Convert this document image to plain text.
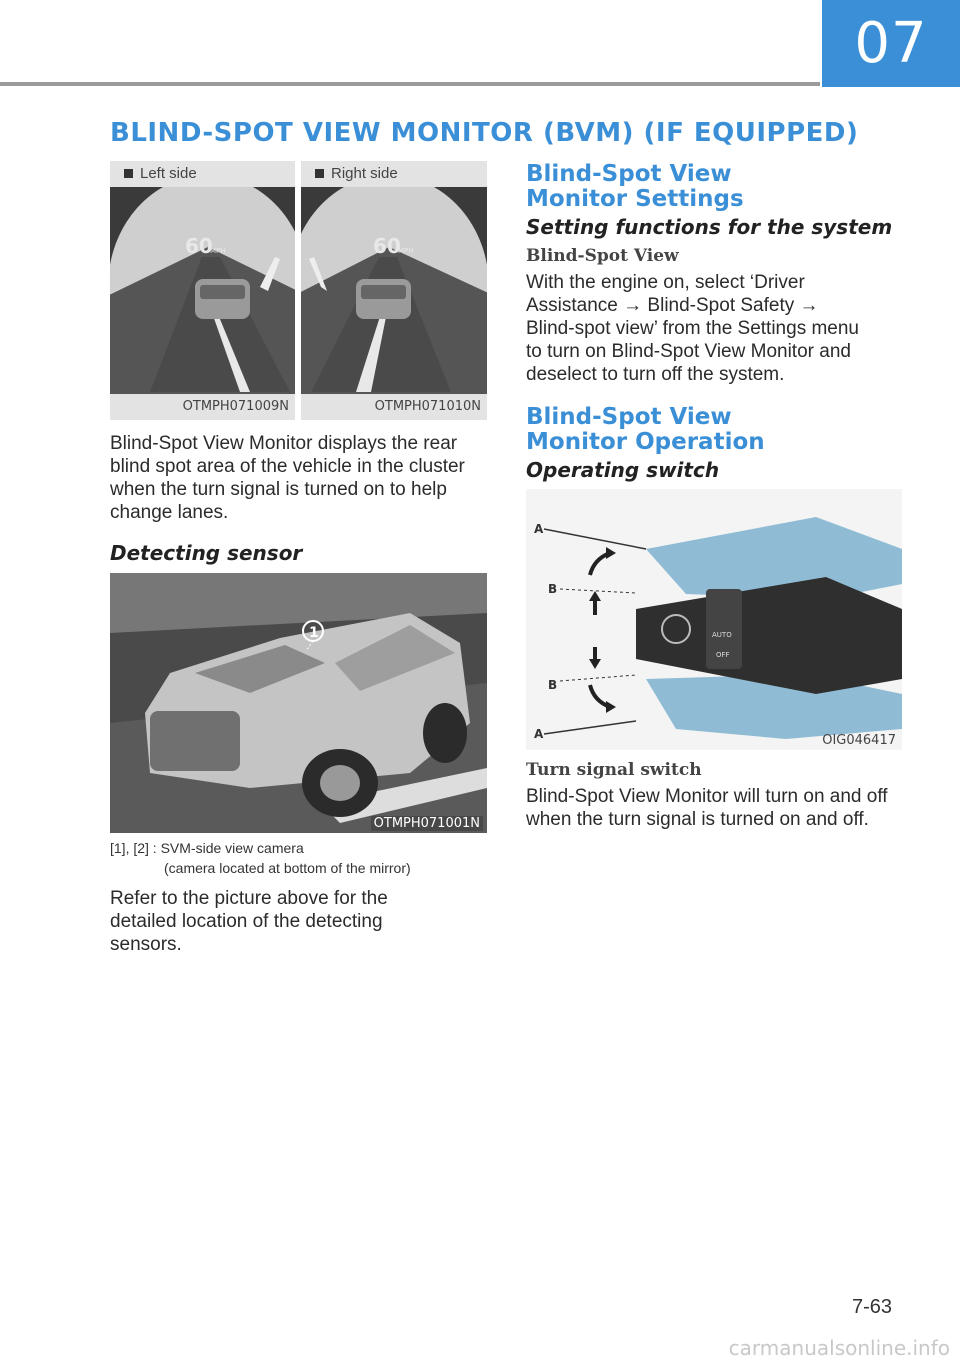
07
BLIND-SPOT VIEW MONITOR (BVM) (IF EQUIPPED)
Left side
60
MPH
OTMPH071009N
Right side
60
MPH
OTMPH071010N
Blind-Spot View Monitor displays the rear blind spot area of the vehicle in the cluster when the turn signal is turned on to help change lanes.
Detecting sensor
1
OTMPH071001N
[1], [2] : SVM-side view camera
(camera located at bottom of the mirror)
Refer to the picture above for the detailed location of the detecting sensors.
Blind-Spot View Monitor Settings
Setting functions for the system
Blind-Spot View
With the engine on, select ‘Driver Assistance → Blind-Spot Safety → Blind-spot view’ from the Settings menu to turn on Blind-Spot View Monitor and deselect to turn off the system.
Blind-Spot View Monitor Operation
Operating switch
AUTO
OFF
A
B
B
A	OIG046417
Turn signal switch
Blind-Spot View Monitor will turn on and off when the turn signal is turned on and off.
7-63
carmanualsonline.info
